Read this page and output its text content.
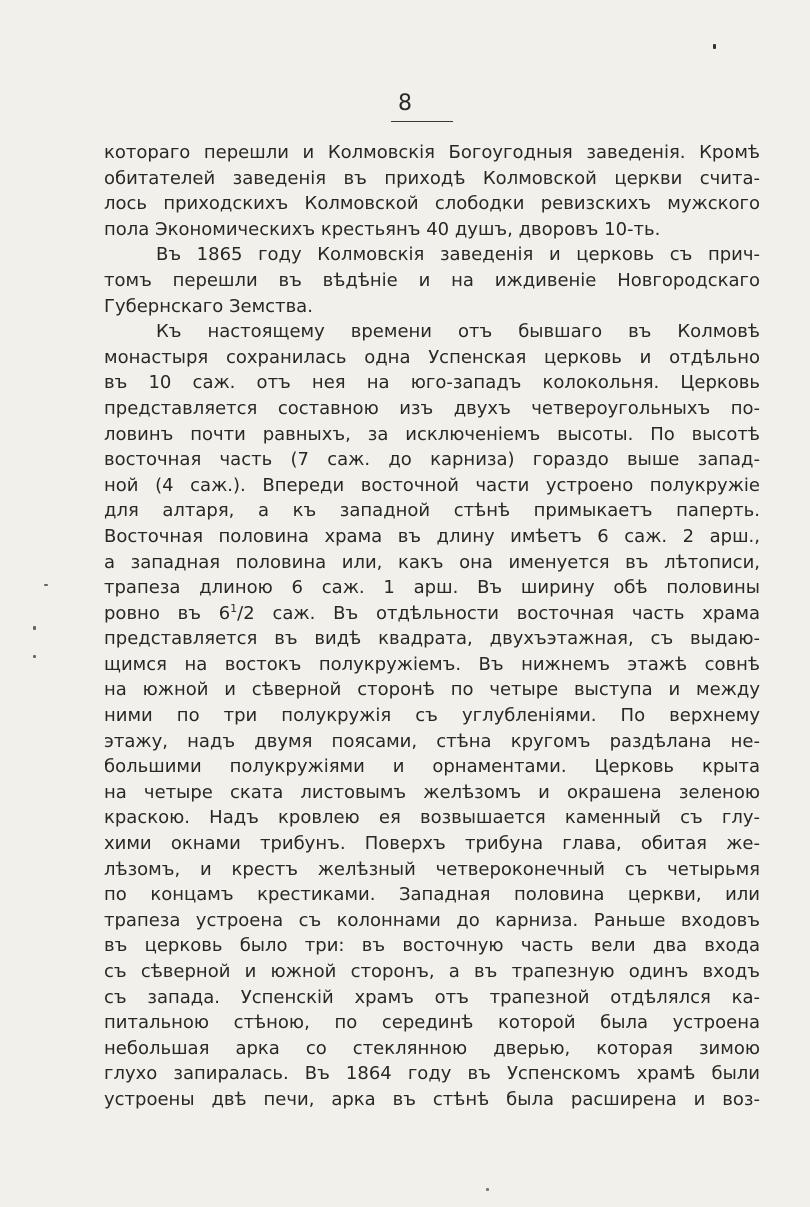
8
котораго перешли и Колмовскія Богоугодныя заведенія. Кромѣ
обитателей заведенія въ приходѣ Колмовской церкви счита-
лось приходскихъ Колмовской слободки ревизскихъ мужского
пола Экономическихъ крестьянъ 40 душъ, дворовъ 10-ть.
Въ 1865 году Колмовскія заведенія и церковь съ прич-
томъ перешли въ вѣдѣніе и на иждивеніе Новгородскаго
Губернскаго Земства.
Къ настоящему времени отъ бывшаго въ Колмовѣ
монастыря сохранилась одна Успенская церковь и отдѣльно
въ 10 саж. отъ нея на юго-западъ колокольня. Церковь
представляется составною изъ двухъ четвероугольныхъ по-
ловинъ почти равныхъ, за исключеніемъ высоты. По высотѣ
восточная часть (7 саж. до карниза) гораздо выше запад-
ной (4 саж.). Впереди восточной части устроено полукружіе
для алтаря, а къ западной стѣнѣ примыкаетъ паперть.
Восточная половина храма въ длину имѣетъ 6 саж. 2 арш.,
а западная половина или, какъ она именуется въ лѣтописи,
трапеза длиною 6 саж. 1 арш. Въ ширину обѣ половины
ровно въ $6^1/2$ саж. Въ отдѣльности восточная часть храма
представляется въ видѣ квадрата, двухъэтажная, съ выдаю-
щимся на востокъ полукружіемъ. Въ нижнемъ этажѣ совнѣ
на южной и сѣверной сторонѣ по четыре выступа и между
ними по три полукружія съ углубленіями. По верхнему
этажу, надъ двумя поясами, стѣна кругомъ раздѣлана не-
большими полукружіями и орнаментами. Церковь крыта
на четыре ската листовымъ желѣзомъ и окрашена зеленою
краскою. Надъ кровлею ея возвышается каменный съ глу-
хими окнами трибунъ. Поверхъ трибуна глава, обитая же-
лѣзомъ, и крестъ желѣзный четвероконечный съ четырьмя
по концамъ крестиками. Западная половина церкви, или
трапеза устроена съ колоннами до карниза. Раньше входовъ
въ церковь было три: въ восточную часть вели два входа
съ сѣверной и южной сторонъ, а въ трапезную одинъ входъ
съ запада. Успенскій храмъ отъ трапезной отдѣлялся ка-
питальною стѣною, по серединѣ которой была устроена
небольшая арка со стеклянною дверью, которая зимою
глухо запиралась. Въ 1864 году въ Успенскомъ храмѣ были
устроены двѣ печи, арка въ стѣнѣ была расширена и воз-
